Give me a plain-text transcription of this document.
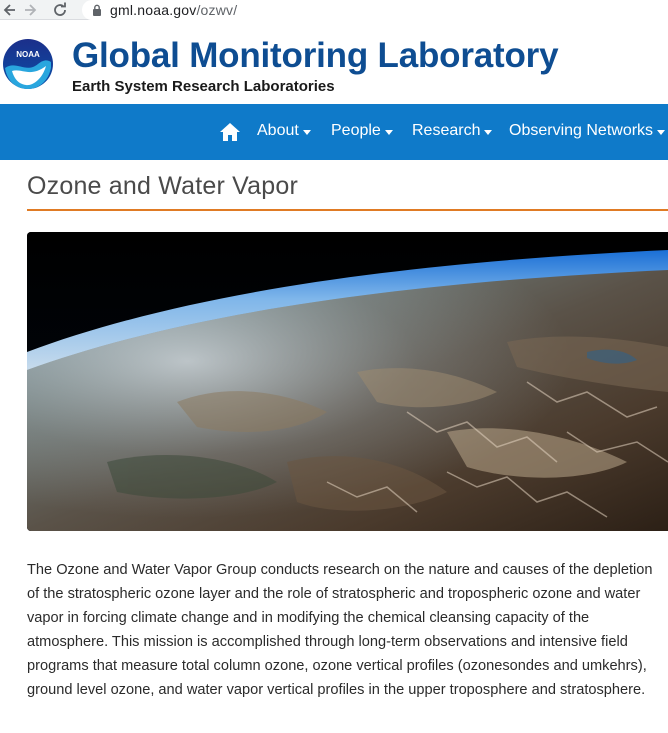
gml.noaa.gov/ozwv/
NOAA Global Monitoring Laboratory
Earth System Research Laboratories
About People Research Observing Networks
Ozone and Water Vapor

The Ozone and Water Vapor Group conducts research on the nature and causes of the depletion of the stratospheric ozone layer and the role of stratospheric and tropospheric ozone and water vapor in forcing climate change and in modifying the chemical cleansing capacity of the atmosphere. This mission is accomplished through long-term observations and intensive field programs that measure total column ozone, ozone vertical profiles (ozonesondes and umkehrs), ground level ozone, and water vapor vertical profiles in the upper troposphere and stratosphere.
